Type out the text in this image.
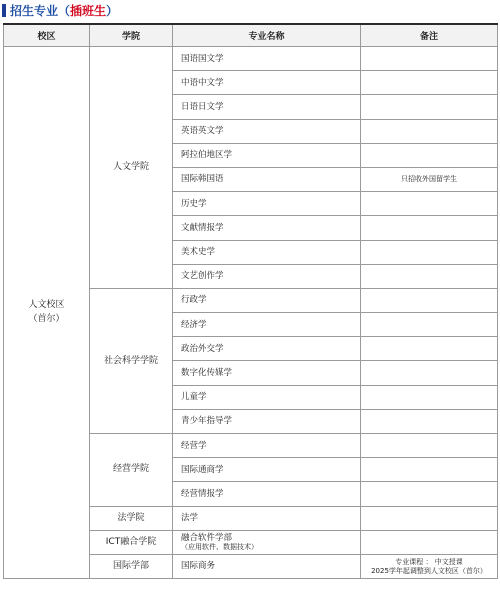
招生专业（插班生）
校区	学院	专业名称	备注

人文校区
（首尔）	人文学院	国语国文学	
		中语中文学	
		日语日文学	
		英语英文学	
		阿拉伯地区学	
		国际韩国语	只招收外国留学生
		历史学	
		文献情报学	
		美术史学	
		文艺创作学	
	社会科学学院	行政学	
		经济学	
		政治外交学	
		数字化传媒学	
		儿童学	
		青少年指导学	
	经营学院	经营学	
		国际通商学	
		经营情报学	
	法学院	法学	
	ICT融合学院	融合软件学部
（应用软件、数据技术）	

	国际学部	国际商务	专业课程 ： 中文授课
2025学年起调整到人文校区（首尔）
